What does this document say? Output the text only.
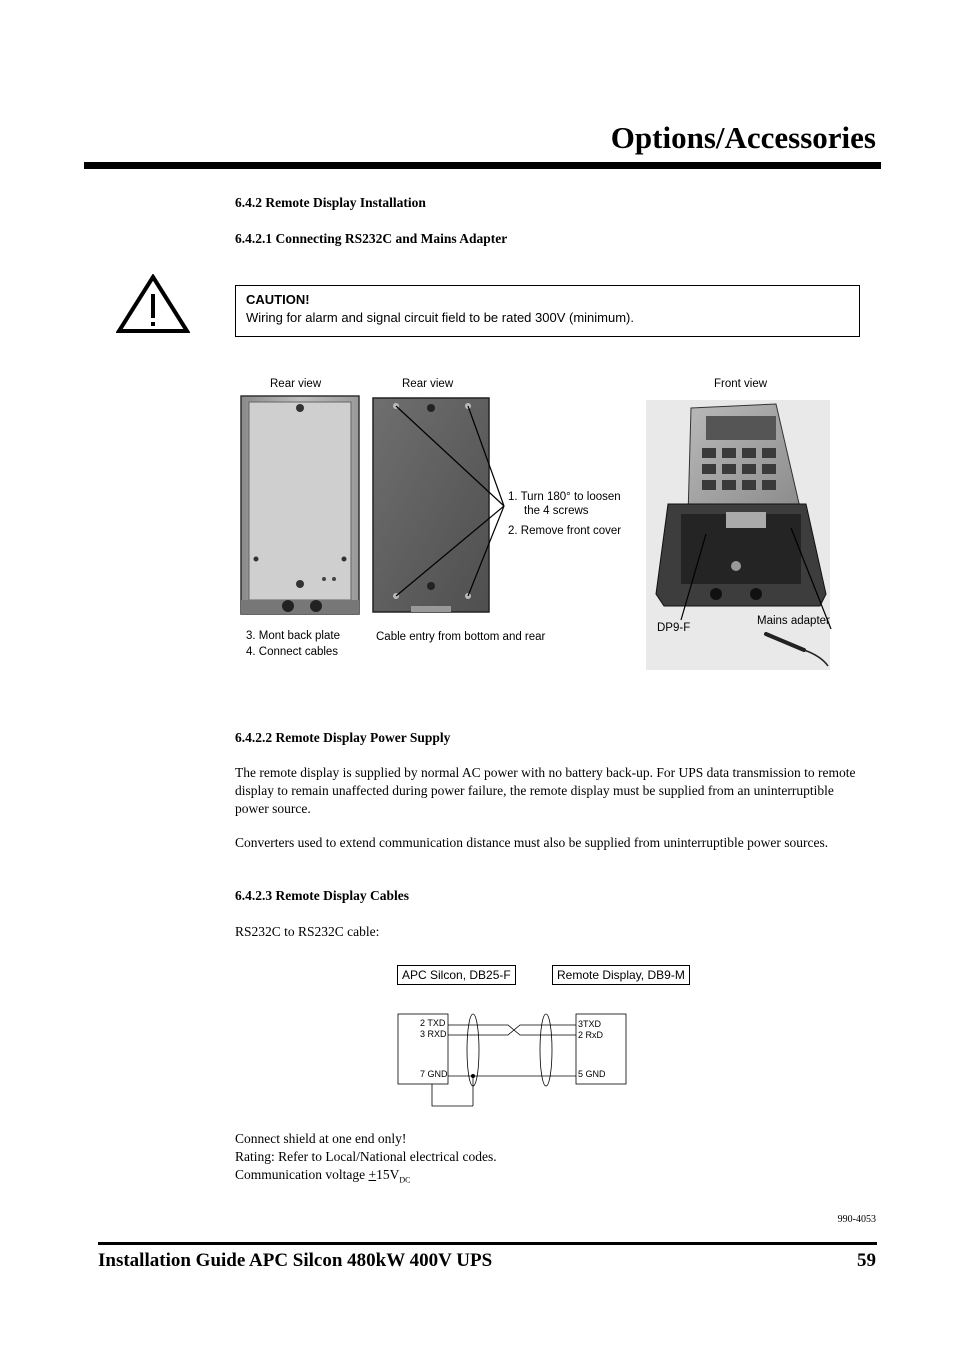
Options/Accessories
6.4.2 Remote Display Installation
6.4.2.1 Connecting RS232C and Mains Adapter
CAUTION!
Wiring for alarm and signal circuit field to be rated 300V (minimum).
Rear view	Rear view	Front view
1. Turn 180° to loosen
the 4 screws
2. Remove front cover
3. Mont back plate
4. Connect cables
Cable entry from bottom and rear
DP9-F
Mains adapter
6.4.2.2 Remote Display Power Supply
The remote display is supplied by normal AC power with no battery back-up. For UPS data transmission to remote display to remain unaffected during power failure, the remote display must be supplied from an uninterruptible power source.
Converters used to extend communication distance must also be supplied from uninterruptible power sources.
6.4.2.3 Remote Display Cables
RS232C to RS232C cable:
APC Silcon, DB25-F	Remote Display, DB9-M
2 TXD
3 RXD
7 GND
3TXD
2 RxD
5 GND
Connect shield at one end only!
Rating: Refer to Local/National electrical codes.
Communication voltage $+15V_{DC}$
990-4053
Installation Guide APC Silcon 480kW 400V UPS	59
